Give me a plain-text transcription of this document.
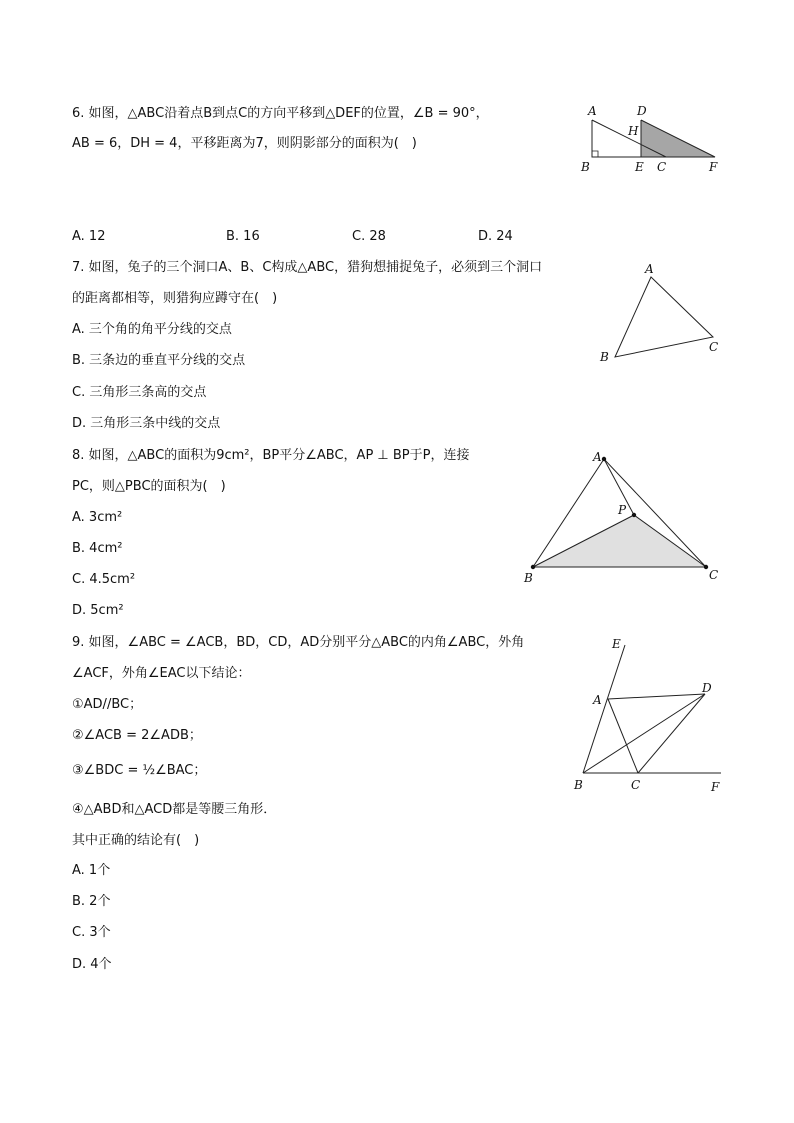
6. 如图，△ABC沿着点B到点C的方向平移到△DEF的位置，∠B = 90°，
AB = 6，DH = 4，平移距离为7，则阴影部分的面积为(　)
A	D
H
B	E C	F
A. 12	B. 16	C. 28	D. 24
7. 如图，兔子的三个洞口A、B、C构成△ABC，猎狗想捕捉兔子，必须到三个洞口
的距离都相等，则猎狗应蹲守在(　)
A. 三个角的角平分线的交点
B. 三条边的垂直平分线的交点
C. 三角形三条高的交点
D. 三角形三条中线的交点
A
B
C
8. 如图，△ABC的面积为9cm²，BP平分∠ABC，AP ⊥ BP于P，连接
PC，则△PBC的面积为(　)
A. 3cm²
B. 4cm²
C. 4.5cm²
D. 5cm²
A
P
B	C
9. 如图，∠ABC = ∠ACB，BD，CD，AD分别平分△ABC的内角∠ABC，外角
∠ACF，外角∠EAC以下结论：
①AD//BC；
②∠ACB = 2∠ADB；
③∠BDC = ½∠BAC；
④△ABD和△ACD都是等腰三角形．
其中正确的结论有(　)
A. 1个
B. 2个
C. 3个
D. 4个
E
A
D
B	C	F
